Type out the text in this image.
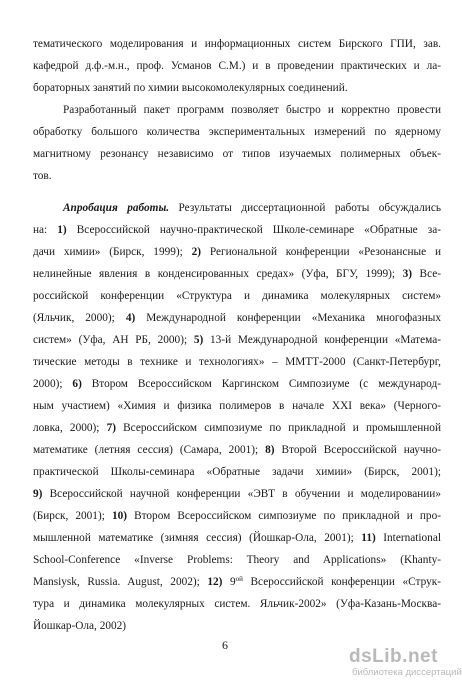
тематического моделирования и информационных систем Бирского ГПИ, зав.
кафедрой д.ф.-м.н., проф. Усманов С.М.) и в проведении практических и ла-
бораторных занятий по химии высокомолекулярных соединений.
Разработанный пакет программ позволяет быстро и корректно провести
обработку большого количества экспериментальных измерений по ядерному
магнитному резонансу независимо от типов изучаемых полимерных объек-
тов.
Апробация работы. Результаты диссертационной работы обсуждались
на: 1) Всероссийской научно-практической Школе-семинаре «Обратные за-
дачи химии» (Бирск, 1999); 2) Региональной конференции «Резонансные и
нелинейные явления в конденсированных средах» (Уфа, БГУ, 1999); 3) Все-
российской конференции «Структура и динамика молекулярных систем»
(Яльчик, 2000); 4) Международной конференции «Механика многофазных
систем» (Уфа, АН РБ, 2000); 5) 13-й Международной конференции «Матема-
тические методы в технике и технологиях» – ММТТ-2000 (Санкт-Петербург,
2000); 6) Втором Всероссийском Каргинском Симпозиуме (с международ-
ным участием) «Химия и физика полимеров в начале XXI века» (Черного-
ловка, 2000); 7) Всероссийском симпозиуме по прикладной и промышленной
математике (летняя сессия) (Самара, 2001); 8) Второй Всероссийской научно-
практической Школы-семинара «Обратные задачи химии» (Бирск, 2001);
9) Всероссийской научной конференции «ЭВТ в обучении и моделировании»
(Бирск, 2001); 10) Втором Всероссийском симпозиуме по прикладной и про-
мышленной математике (зимняя сессия) (Йошкар-Ола, 2001); 11) International
School-Conference «Inverse Problems: Theory and Applications» (Khanty-
Mansiysk, Russia. August, 2002); 12) $9^{ой}$ Всероссийской конференции «Струк-
тура и динамика молекулярных систем. Яльчик-2002» (Уфа-Казань-Москва-
Йошкар-Ола, 2002)
6
dsLib.net
библиотека диссертаций
